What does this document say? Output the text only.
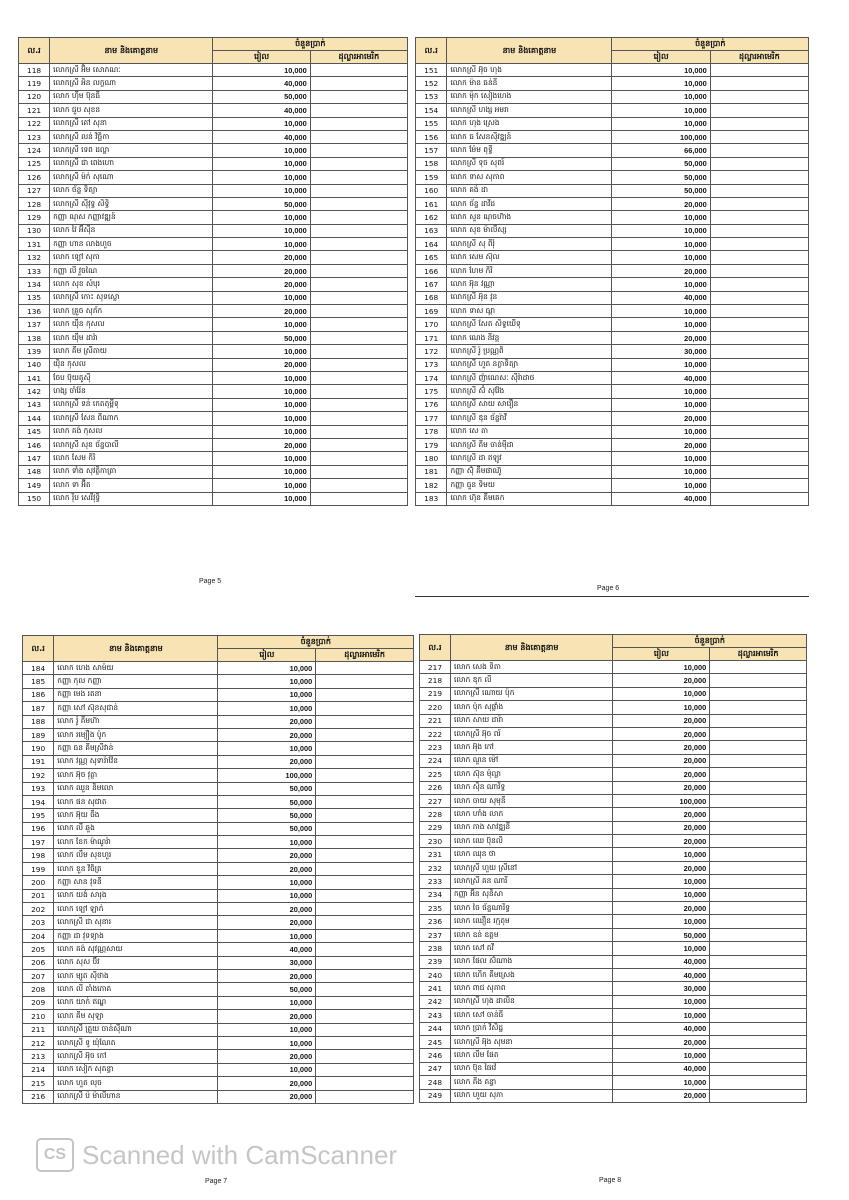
ល.រ	នាម និងគោត្តនាម	ចំនួនប្រាក់	
		រៀល	ដុល្លារអាមេរិក
118	លោកស្រី អ៊ិម សោភណៈ	10,000	
119	លោកស្រី អិន លក្ខណា	40,000	
120	លោក ហ៊ីម ប៊ុនធី	50,000	
121	លោក ជួប សុខន	40,000	
122	លោកស្រី គៅ សុនា	10,000	
123	លោកស្រី លន់ វិច្ឆិកា	40,000	
124	លោកស្រី ទេព ដល្លា	10,000	
125	លោកស្រី ជា ពេងហោ	10,000	
126	លោកស្រី ម៉ក់ សុណោ	10,000	
127	លោក ច័ន្ទ ទិត្យា	10,000	
128	លោកស្រី ស៊ីវុទ្ធ សិទ្ធិ	50,000	
129	កញ្ញា ណុស កញ្ញាវឌ្ឍន៍	10,000	
130	លោក វៃ អ៊ីស៊ីន	10,000	
131	កញ្ញា ហាន លាងហួច	10,000	
132	លោក ឡៅ សុភា	20,000	
133	កញ្ញា លី វួចណៃ	20,000	
134	លោក សុខ សំបុរ	20,000	
135	លោកស្រី កោះ សុទស្លោ	10,000	
136	លោក គ្រួច សុភ័ក	20,000	
137	លោក យ៉ឹន កុសល	10,000	
138	លោក យ៉ឹម ដារ៉ា	50,000	
139	លោក គីម ស្រីតាយ	10,000	
140	យ៉ិន កុសល	20,000	
141	ចែប ប៊ុយគូសុី	10,000	
142	ហង្ស ចាំរ៉ែន	10,000	
143	លោកស្រី ទន់ កេតតុម្ពីទុ	10,000	
144	លោកស្រី សែន ពីណាក	10,000	
145	លោក គង់ កុសល	10,000	
146	លោកស្រី សុខ ច័ន្ទបាលី	20,000	
147	លោក សែម កិរិ	10,000	
148	លោក ទាំង សុវត្ថិកាត្រា	10,000	
149	លោក ទា អ៊ីត	10,000	
150	លោក រ៉ិប សេរីវុទ្ធិ	10,000	
ល.រ	នាម និងគោត្តនាម	ចំនួនប្រាក់	
		រៀល	ដុល្លារអាមេរិក
151	លោកស្រី អ៊ុច ហុង	10,000	
152	លោក ម៉ាន ធន់នី	10,000	
153	លោក ម៉ុក សៀងហេង	10,000	
154	លោកស្រី ហង្ស អមរា	10,000	
155	លោក ហុង ស្រេង	10,000	
156	លោក ធ សែនស៊ីវឌ្ឍន៍	100,000	
157	លោក ម៉ែម ពុទ្ធី	66,000	
158	លោកស្រី ទុច សុពរ៍	50,000	
159	លោក ទាស សុភាព	50,000	
160	លោក គង់ ដា	50,000	
161	លោក ច័ន្ទ ដាវីដ	20,000	
162	លោក សួន ណុចហ៊ាង	10,000	
163	លោក សុខ ម៉ាលីស្ស	10,000	
164	លោកស្រី សុ ពីរុំ	10,000	
165	លោក សេម ស៊ុល	10,000	
166	លោក ហែម កិរិ	20,000	
167	លោក អ៊ុន វណ្ណា	10,000	
168	លោកស្រី អ៊ុន វុន	40,000	
169	លោក ទាស ធុរ្កា	10,000	
170	លោកស្រី សែត សិទ្ធឃើទុ	10,000	
171	លោក ណេង នីវន្ត	20,000	
172	លោកស្រី រ៉ូ ប្រណ្ណពិ	30,000	
173	លោកស្រី ហួត នក្ខាទិត្យា	10,000	
174	លោកស្រី ញ៉ាណេសៈ ស៊ីរ៉ាដាថ	40,000	
175	លោកស្រី ស៊ំ សុវ៉ែង	10,000	
176	លោកស្រី សាយ សារឿន	10,000	
177	លោកស្រី ឌុន ច័ន្ទរ៉ាវី	20,000	
178	លោក សេ តា	10,000	
179	លោកស្រី គីម ចាន់ម៉ីដា	20,000	
180	លោកស្រី ដា ឥឡូវ	10,000	
181	កញ្ញា ស៊ុំ គីមផាណ៊ូ	10,000	
182	កញ្ញា ធួន ទិមយ	10,000	
183	លោក ហ៊ុន គីមគេក	40,000	
ល.រ	នាម និងគោត្តនាម	ចំនួនប្រាក់	
		រៀល	ដុល្លារអាមេរិក
184	លោក ហេង សាម៉យ	10,000	
185	កញ្ញា កុល កញ្ញា	10,000	
186	កញ្ញា មេង រតនា	10,000	
187	កញ្ញា សៅ ស៊ុនសុជាន់	10,000	
188	លោក រ៉ូ គីមហ៊ា	20,000	
189	លោក រម្យឿង ប៉ូក	20,000	
190	កញ្ញា ធន គីមស្រីវាន់	10,000	
191	លោក វណ្ណ សុទារ៉ាវ៉ែន	20,000	
192	លោក អ៊ុច វុត្ថា	100,000	
193	លោក ឈួន និមលោ	50,000	
194	លោក ផន សុជាត	50,000	
195	លោក អ៊ុយ ចឹង	50,000	
196	លោក លី ឆួង	50,000	
197	លោក ខែក ម៉ាណូរ៉ា	10,000	
198	លោក លឹម សុខហួរ	20,000	
199	លោក ខួន វិចិត្រ	20,000	
200	កញ្ញា សាន វុទនី	10,000	
201	លោក យង់ សារុង	10,000	
202	លោក ឡៅ ឡាក់	20,000	
203	លោកស្រី ជា សុនារ	20,000	
204	កញ្ញា ដា វុទទ្យាង	10,000	
205	លោក គង់ សុវណ្ណសាយ	40,000	
206	លោក សុស ប៊ីវ	30,000	
207	លោក ម្សូត ស៊ីថាង	20,000	
208	លោក លី តាំងភោគ	50,000	
209	លោក យាក់ ឥណ្ឌ	10,000	
210	លោក គីម សុឡា	20,000	
211	លោកស្រី ត្រួយ ចាន់ស៊ីណា	10,000	
212	លោកស្រី ទូ យ៉ុណែត	10,000	
213	លោកស្រី អ៊ុច កៅ	20,000	
214	លោក សៀក សុគន្ធា	10,000	
215	លោក ហួត លុច	20,000	
216	លោកស្រី ប៉ ម៉ាលីហាន	20,000	
ល.រ	នាម និងគោត្តនាម	ចំនួនប្រាក់	
		រៀល	ដុល្លារអាមេរិក
217	លោក សេង ទិតា	10,000	
218	លោក ឌុក លី	20,000	
219	លោកស្រី ណោយ ប៉ុក	10,000	
220	លោក ប៉ុក សុផ្លាំង	10,000	
221	លោក សាយ ដារ៉ា	20,000	
222	លោកស្រី អ៊ុច ពរ៍	20,000	
223	លោក អ៊ុង កៅ	20,000	
224	លោក ណួន ម៉ៅ	20,000	
225	លោក ស៊ុន ម៉ុល្លា	20,000	
226	លោក ស៊ិន ណារិទ្ធ	20,000	
227	លោក ចាយ សុមុនី	100,000	
228	លោក ហាំង លាភ	20,000	
229	លោក ភាង សាវឌ្ឍនី	20,000	
230	លោក ឈេ ប៊ុនលី	20,000	
231	លោក ឈុន ថា	10,000	
232	លោកស្រី ហួយ ស្រីនៅ	20,000	
233	លោកស្រី គន ណារី	10,000	
234	កញ្ញា អ៊ិន សុនិសា	10,000	
235	លោក ចៃ ច័ន្ទណារិទ្ធ	20,000	
236	លោក ឈឿន រក្មតុម	10,000	
237	លោក ឧន់ ឧត្តម	50,000	
238	លោក សៅ គវី	10,000	
239	លោក ផែល ស៊ំណាង	40,000	
240	លោក ហើក គីមស្រេង	40,000	
241	លោក ពាជ សុភាព	30,000	
242	លោកស្រី ហុង ដាលិន	10,000	
243	លោក សៅ ចាន់ធី	10,000	
244	លោក ប្រាក់ វិសិដ្ឋ	40,000	
245	លោកស្រី អ៊ុង សុមនា	20,000	
246	លោក លឹម ផែត	10,000	
247	លោក ប៊ុន ផៃវ៉េ	40,000	
248	លោក គីង គន្ធា	10,000	
249	លោក ហួយ សុភា	20,000	
Page 5
Page 6
Page 7	Page 8
CS Scanned with CamScanner
